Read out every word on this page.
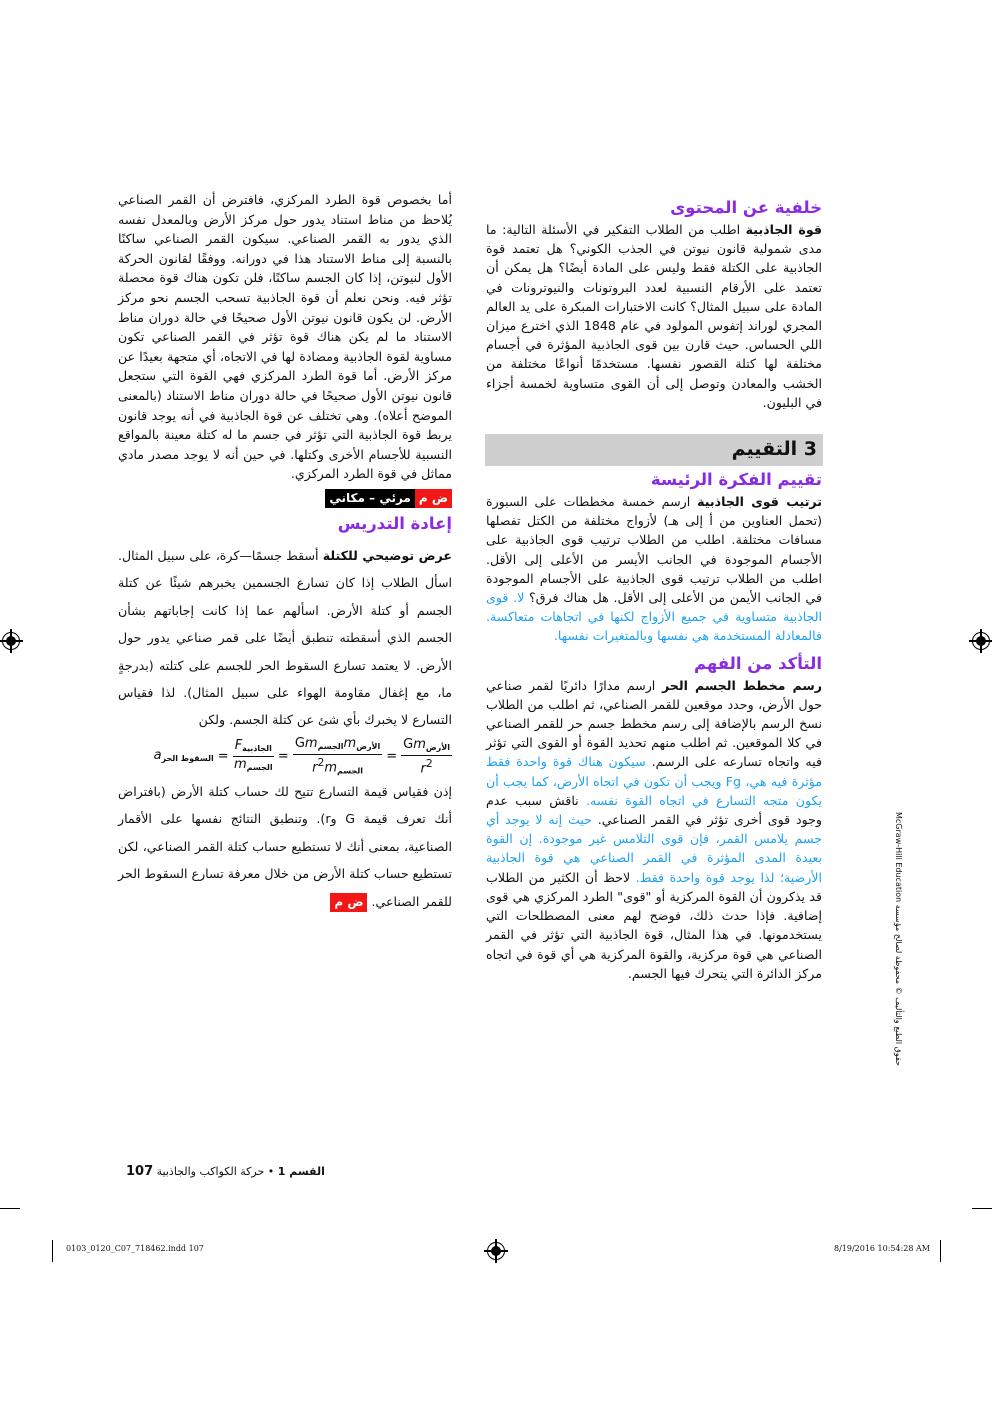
خلفية عن المحتوى

قوة الجاذبية اطلب من الطلاب التفكير في الأسئلة التالية: ما مدى شمولية قانون نيوتن في الجذب الكوني؟ هل تعتمد قوة الجاذبية على الكتلة فقط وليس على المادة أيضًا؟ هل يمكن أن تعتمد على الأرقام النسبية لعدد البروتونات والنيوترونات في المادة على سبيل المثال؟ كانت الاختبارات المبكرة على يد العالم المجري لوراند إتفوس المولود في عام 1848 الذي اخترع ميزان اللي الحساس. حيث قارن بين قوى الجاذبية المؤثرة في أجسام مختلفة لها كتلة القصور نفسها. مستخدمًا أنواعًا مختلفة من الخشب والمعادن وتوصل إلى أن القوى متساوية لخمسة أجزاء في البليون.

3 التقييم
تقييم الفكرة الرئيسة

ترتيب قوى الجاذبية ارسم خمسة مخططات على السبورة (تحمل العناوين من أ إلى هـ) لأزواج مختلفة من الكتل تفصلها مسافات مختلفة. اطلب من الطلاب ترتيب قوى الجاذبية على الأجسام الموجودة في الجانب الأيسر من الأعلى إلى الأقل. اطلب من الطلاب ترتيب قوى الجاذبية على الأجسام الموجودة في الجانب الأيمن من الأعلى إلى الأقل. هل هناك فرق؟ لا. قوى الجاذبية متساوية في جميع الأزواج لكنها في اتجاهات متعاكسة. فالمعادلة المستخدمة هي نفسها وبالمتغيرات نفسها.

التأكد من الفهم

رسم مخطط الجسم الحر ارسم مدارًا دائريًا لقمر صناعي حول الأرض، وحدد موقعين للقمر الصناعي، ثم اطلب من الطلاب نسخ الرسم بالإضافة إلى رسم مخطط جسم حر للقمر الصناعي في كلا الموقعين. ثم اطلب منهم تحديد القوة أو القوى التي تؤثر فيه واتجاه تسارعه على الرسم. سيكون هناك قوة واحدة فقط مؤثرة فيه هي، Fg ويجب أن تكون في اتجاه الأرض، كما يجب أن يكون متجه التسارع في اتجاه القوة نفسه. ناقش سبب عدم وجود قوى أخرى تؤثر في القمر الصناعي. حيث إنه لا يوجد أي جسم يلامس القمر، فإن قوى التلامس غير موجودة. إن القوة بعيدة المدى المؤثرة في القمر الصناعي هي قوة الجاذبية الأرضية؛ لذا يوجد قوة واحدة فقط. لاحظ أن الكثير من الطلاب قد يذكرون أن القوة المركزية أو "قوى" الطرد المركزي هي قوى إضافية. فإذا حدث ذلك، فوضح لهم معنى المصطلحات التي يستخدمونها. في هذا المثال، قوة الجاذبية التي تؤثر في القمر الصناعي هي قوة مركزية، والقوة المركزية هي أي قوة في اتجاه مركز الدائرة التي يتحرك فيها الجسم.

أما بخصوص قوة الطرد المركزي، فافترض أن القمر الصناعي يُلاحظ من مناط استناد يدور حول مركز الأرض وبالمعدل نفسه الذي يدور به القمر الصناعي. سيكون القمر الصناعي ساكنًا بالنسبة إلى مناط الاستناد هذا في دورانه. ووفقًا لقانون الحركة الأول لنيوتن، إذا كان الجسم ساكنًا، فلن تكون هناك قوة محصلة تؤثر فيه. ونحن نعلم أن قوة الجاذبية تسحب الجسم نحو مركز الأرض. لن يكون قانون نيوتن الأول صحيحًا في حالة دوران مناط الاستناد ما لم يكن هناك قوة تؤثر في القمر الصناعي تكون مساوية لقوة الجاذبية ومضادة لها في الاتجاه، أي متجهة بعيدًا عن مركز الأرض. أما قوة الطرد المركزي فهي القوة التي ستجعل قانون نيوتن الأول صحيحًا في حالة دوران مناط الاستناد (بالمعنى الموضح أعلاه). وهي تختلف عن قوة الجاذبية في أنه يوجد قانون يربط قوة الجاذبية التي تؤثر في جسم ما له كتلة معينة بالمواقع النسبية للأجسام الأخرى وكتلها. في حين أنه لا يوجد مصدر مادي مماثل في قوة الطرد المركزي.

ض ممرئي – مكاني
إعادة التدريس

عرض توضيحي للكتلة أسقط جسمًا—كرة، على سبيل المثال. اسأل الطلاب إذا كان تسارع الجسمين يخبرهم شيئًا عن كتلة الجسم أو كتلة الأرض. اسألهم عما إذا كانت إجاباتهم بشأن الجسم الذي أسقطته تنطبق أيضًا على قمر صناعي يدور حول الأرض. لا يعتمد تسارع السقوط الحر للجسم على كتلته (بدرجةٍ ما، مع إغفال مقاومة الهواء على سبيل المثال). لذا فقياس التسارع لا يخبرك بأي شئ عن كتلة الجسم. ولكن

$a_{السقوط الحر} = \frac{F_{الجاذبية}}{m_{الجسم}} = \frac{Gm_{الجسم}m_{الأرض}}{r^2m_{الجسم}} = \frac{Gm_{الأرض}}{r^2}$

إذن فقياس قيمة التسارع تتيح لك حساب كتلة الأرض (بافتراض أنك تعرف قيمة G وr). وتنطبق النتائج نفسها على الأقمار الصناعية، بمعنى أنك لا تستطيع حساب كتلة القمر الصناعي، لكن تستطيع حساب كتلة الأرض من خلال معرفة تسارع السقوط الحر للقمر الصناعي. ض م

القسم 1 • حركة الكواكب والجاذبية 107
حقوق الطبع والتأليف © محفوظة لصالح مؤسسة McGraw-Hill Education
0103_0120_C07_718462.indd 107	8/19/2016 10:54:28 AM
